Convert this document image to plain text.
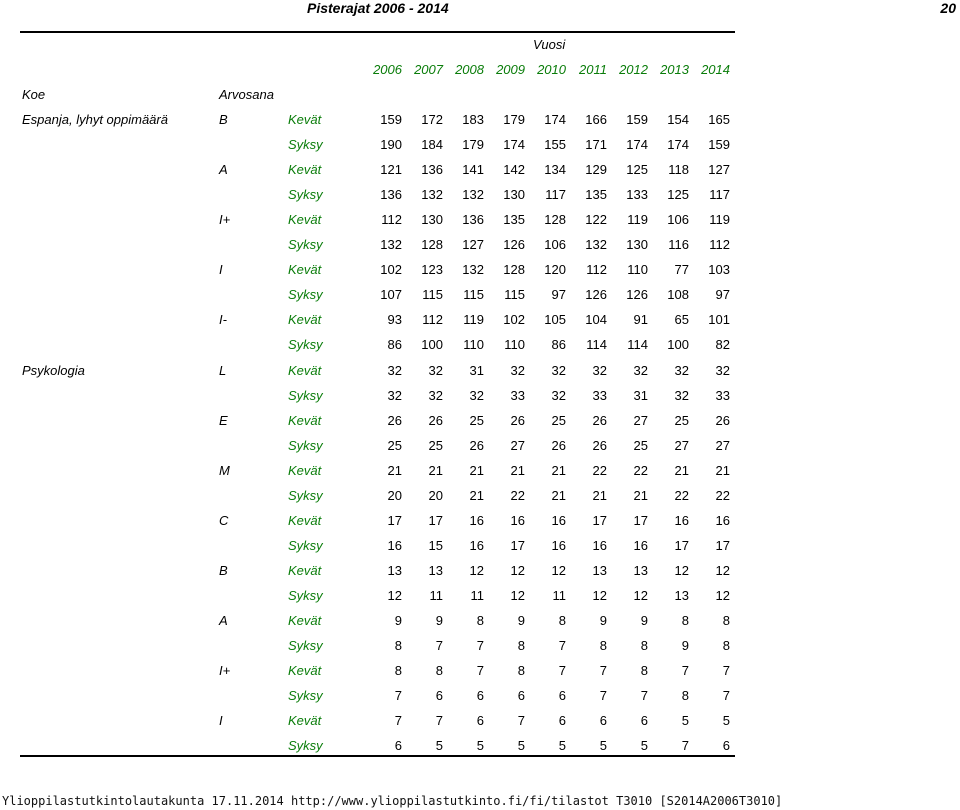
Pisterajat 2006 - 2014	20
Vuosi
2006 2007 2008 2009 2010	2011 2012 2013 2014
Koe	Arvosana
Espanja, lyhyt oppimäärä	B	Kevät	159	172	183	179	174	166	159	154	165
Syksy	190	184	179	174	155	171	174	174	159
A	Kevät	121	136	141	142	134	129	125	118	127
Syksy	136	132	132	130	117	135	133	125	117
I+	Kevät	112	130	136	135	128	122	119	106	119
Syksy	132	128	127	126	106	132	130	116	112
I	Kevät	102	123	132	128	120	112	110	77	103
Syksy	107	115	115	115	97	126	126	108	97
I-	Kevät	93	112	119	102	105	104	91	65	101
Syksy	86	100	110	110	86	114	114	100	82
Psykologia	L	Kevät	32	32	31	32	32	32	32	32	32
Syksy	32	32	32	33	32	33	31	32	33
E	Kevät	26	26	25	26	25	26	27	25	26
Syksy	25	25	26	27	26	26	25	27	27
M	Kevät	21	21	21	21	21	22	22	21	21
Syksy	20	20	21	22	21	21	21	22	22
C	Kevät	17	17	16	16	16	17	17	16	16
Syksy	16	15	16	17	16	16	16	17	17
B	Kevät	13	13	12	12	12	13	13	12	12
Syksy	12	11	11	12	11	12	12	13	12
A	Kevät	9	9	8	9	8	9	9	8	8
Syksy	8	7	7	8	7	8	8	9	8
I+	Kevät	8	8	7	8	7	7	8	7	7
Syksy	7	6	6	6	6	7	7	8	7
I	Kevät	7	7	6	7	6	6	6	5	5
Syksy	6	5	5	5	5	5	5	7	6
Ylioppilastutkintolautakunta 17.11.2014 http://www.ylioppilastutkinto.fi/fi/tilastot T3010 [S2014A2006T3010]
